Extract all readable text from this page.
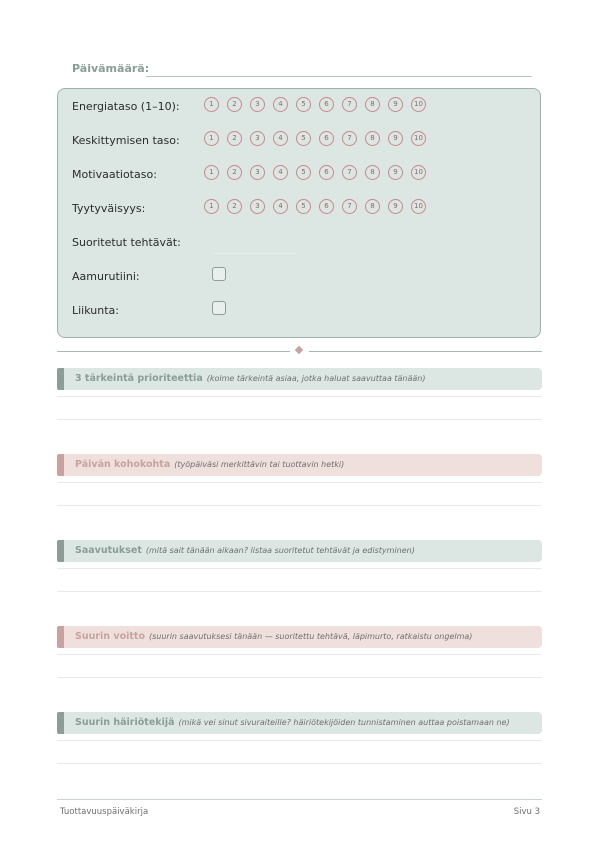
Päivämäärä:
Energiataso (1–10):	1	2	3	4	5	6	7	8	9	10
Keskittymisen taso:	1	2	3	4	5	6	7	8	9	10
Motivaatiotaso:	1	2	3	4	5	6	7	8	9	10
Tyytyväisyys:	1	2	3	4	5	6	7	8	9	10
Suoritetut tehtävät:
Aamurutiini:
Liikunta:
3 tärkeintä prioriteettia (kolme tärkeintä asiaa, jotka haluat saavuttaa tänään)
Päivän kohokohta (työpäiväsi merkittävin tai tuottavin hetki)
Saavutukset (mitä sait tänään aikaan? listaa suoritetut tehtävät ja edistyminen)
Suurin voitto (suurin saavutuksesi tänään — suoritettu tehtävä, läpimurto, ratkaistu ongelma)
Suurin häiriötekijä (mikä vei sinut sivuraiteille? häiriötekijöiden tunnistaminen auttaa poistamaan ne)
Tuottavuuspäiväkirja	Sivu 3
